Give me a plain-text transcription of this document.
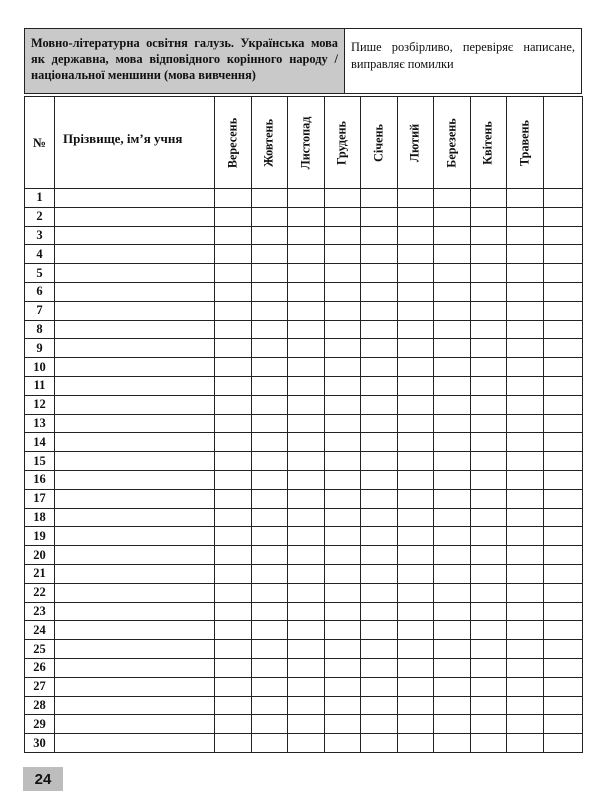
Мовно-літературна освітня галузь. Українська мова як державна, мова відповідного корінного народу / національної меншини (мова вивчення)
Пише розбірливо, перевіряє написане, виправляє помилки
№	Прізвище, ім’я учня	Вересень	Жовтень	Листопад	Грудень	Січень	Лютий	Березень	Квітень	Травень	

1											
2											
3											
4											
5											
6											
7											
8											
9											
10											
11											
12											
13											
14											
15											
16											
17											
18											
19											
20											
21											
22											
23											
24											
25											
26											
27											
28											
29											
30											
24
